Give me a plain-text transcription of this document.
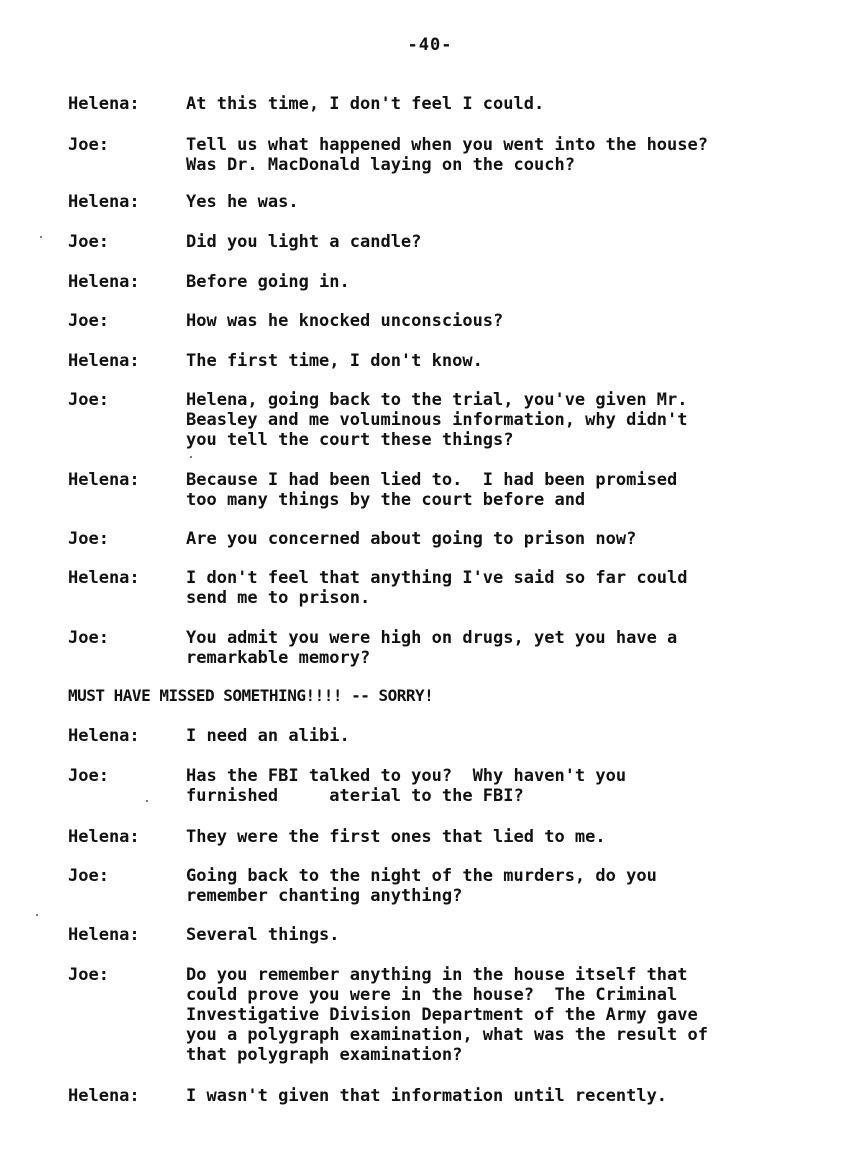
-40-
Helena:	At this time, I don't feel I could.
Joe:	Tell us what happened when you went into the house?
Was Dr. MacDonald laying on the couch?
Helena:	Yes he was.
Joe:	Did you light a candle?
Helena:	Before going in.
Joe:	How was he knocked unconscious?
Helena:	The first time, I don't know.
Joe:	Helena, going back to the trial, you've given Mr.
Beasley and me voluminous information, why didn't
you tell the court these things?
Helena:	Because I had been lied to.  I had been promised
too many things by the court before and
Joe:	Are you concerned about going to prison now?
Helena:	I don't feel that anything I've said so far could
send me to prison.
Joe:	You admit you were high on drugs, yet you have a
remarkable memory?
MUST HAVE MISSED SOMETHING!!!! -- SORRY!
Helena:	I need an alibi.
Joe:	Has the FBI talked to you?  Why haven't you
furnished     aterial to the FBI?
Helena:	They were the first ones that lied to me.
Joe:	Going back to the night of the murders, do you
remember chanting anything?
Helena:	Several things.
Joe:	Do you remember anything in the house itself that
could prove you were in the house?  The Criminal
Investigative Division Department of the Army gave
you a polygraph examination, what was the result of
that polygraph examination?
Helena:	I wasn't given that information until recently.
